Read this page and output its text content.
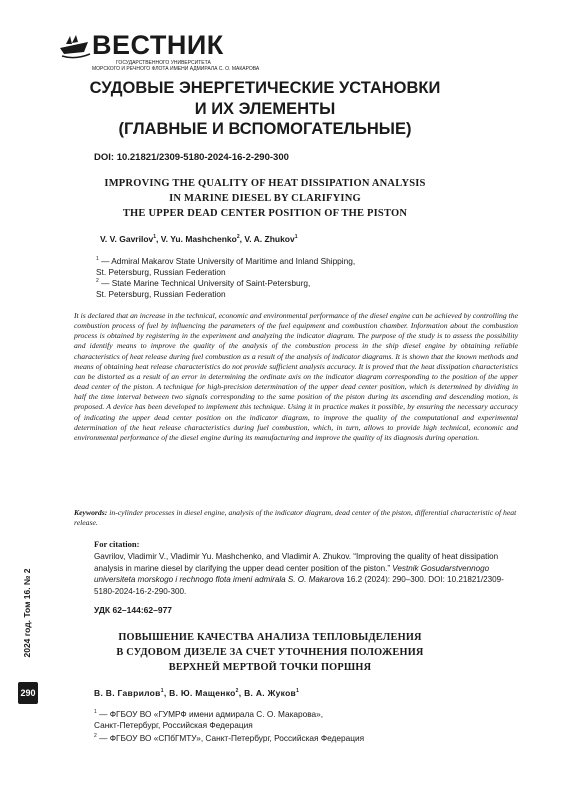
ВЕСТНИК
ГОСУДАРСТВЕННОГО УНИВЕРСИТЕТА
МОРСКОГО И РЕЧНОГО ФЛОТА ИМЕНИ АДМИРАЛА С. О. МАКАРОВА
СУДОВЫЕ ЭНЕРГЕТИЧЕСКИЕ УСТАНОВКИ
И ИХ ЭЛЕМЕНТЫ
(ГЛАВНЫЕ И ВСПОМОГАТЕЛЬНЫЕ)
DOI: 10.21821/2309-5180-2024-16-2-290-300
IMPROVING THE QUALITY OF HEAT DISSIPATION ANALYSIS
IN MARINE DIESEL BY CLARIFYING
THE UPPER DEAD CENTER POSITION OF THE PISTON
V. V. Gavrilov$^1$, V. Yu. Mashchenko$^2$, V. A. Zhukov$^1$
$^1$ — Admiral Makarov State University of Maritime and Inland Shipping,
St. Petersburg, Russian Federation
$^2$ — State Marine Technical University of Saint-Petersburg,
St. Petersburg, Russian Federation
It is declared that an increase in the technical, economic and environmental performance of the diesel engine can be achieved by controlling the combustion process of fuel by influencing the parameters of the fuel equipment and combustion chamber. Information about the combustion process is obtained by registering in the experiment and analyzing the indicator diagram. The purpose of the study is to assess the possibility and identify means to improve the quality of the analysis of the combustion process in the ship diesel engine by obtaining reliable characteristics of heat release during fuel combustion as a result of the analysis of indicator diagrams. It is shown that the known methods and means of obtaining heat release characteristics do not provide sufficient analysis accuracy. It is proved that the heat dissipation characteristics can be distorted as a result of an error in determining the ordinate axis on the indicator diagram corresponding to the position of the upper dead center of the piston. A technique for high-precision determination of the upper dead center position, which is determined by dividing in half the time interval between two signals corresponding to the same position of the piston during its ascending and descending motion, is proposed. A device has been developed to implement this technique. Using it in practice makes it possible, by ensuring the necessary accuracy of indicating the upper dead center position on the indicator diagram, to improve the quality of the computational and experimental determination of the heat release characteristics during fuel combustion, which, in turn, allows to provide high technical, economic and environmental performance of the diesel engine during its manufacturing and improve the quality of its diagnosis during operation.
Keywords: in-cylinder processes in diesel engine, analysis of the indicator diagram, dead center of the piston, differential characteristic of heat release.
For citation:
Gavrilov, Vladimir V., Vladimir Yu. Mashchenko, and Vladimir A. Zhukov. “Improving the quality of heat dissipation analysis in marine diesel by clarifying the upper dead center position of the piston.” Vestnik Gosudarstvennogo universiteta morskogo i rechnogo flota imeni admirala S. O. Makarova 16.2 (2024): 290–300. DOI: 10.21821/2309-5180-2024-16-2-290-300.
УДК 62–144:62–977
ПОВЫШЕНИЕ КАЧЕСТВА АНАЛИЗА ТЕПЛОВЫДЕЛЕНИЯ
В СУДОВОМ ДИЗЕЛЕ ЗА СЧЕТ УТОЧНЕНИЯ ПОЛОЖЕНИЯ
ВЕРХНЕЙ МЕРТВОЙ ТОЧКИ ПОРШНЯ
В. В. Гаврилов$^1$, В. Ю. Мащенко$^2$, В. А. Жуков$^1$
$^1$ — ФГБОУ ВО «ГУМРФ имени адмирала С. О. Макарова»,
Санкт-Петербург, Российская Федерация
$^2$ — ФГБОУ ВО «СПбГМТУ», Санкт-Петербург, Российская Федерация
2024 год. Том 16. № 2
290
